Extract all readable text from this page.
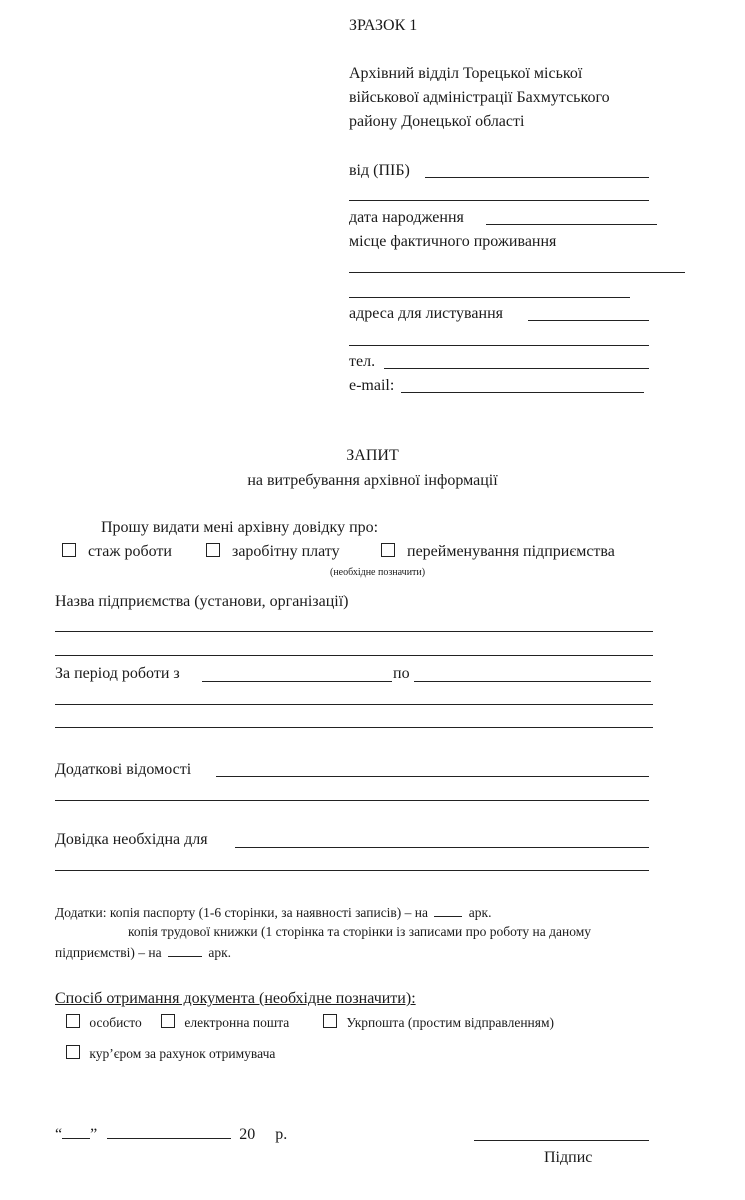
ЗРАЗОК 1
Архівний відділ Торецької міської
військової адміністрації Бахмутського
району Донецької області
від (ПІБ)
дата народження
місце фактичного проживання
адреса для листування
тел.
e-mail:
ЗАПИТ
на витребування архівної інформації
Прошу видати мені архівну довідку про:
стаж роботи	заробітну плату	перейменування підприємства
(необхідне позначити)
Назва підприємства (установи, організації)
За період роботи з	по
Додаткові відомості
Довідка необхідна для
Додатки: копія паспорту (1-6 сторінки, за наявності записів) – на	арк.
копія трудової книжки (1 сторінка та сторінки із записами про роботу на даному
підприємстві) – на	арк.
Спосіб отримання документа (необхідне позначити):
особисто	електронна пошта	Укрпошта (простим відправленням)
кур’єром за рахунок отримувача
“ ”	20 р.
Підпис
